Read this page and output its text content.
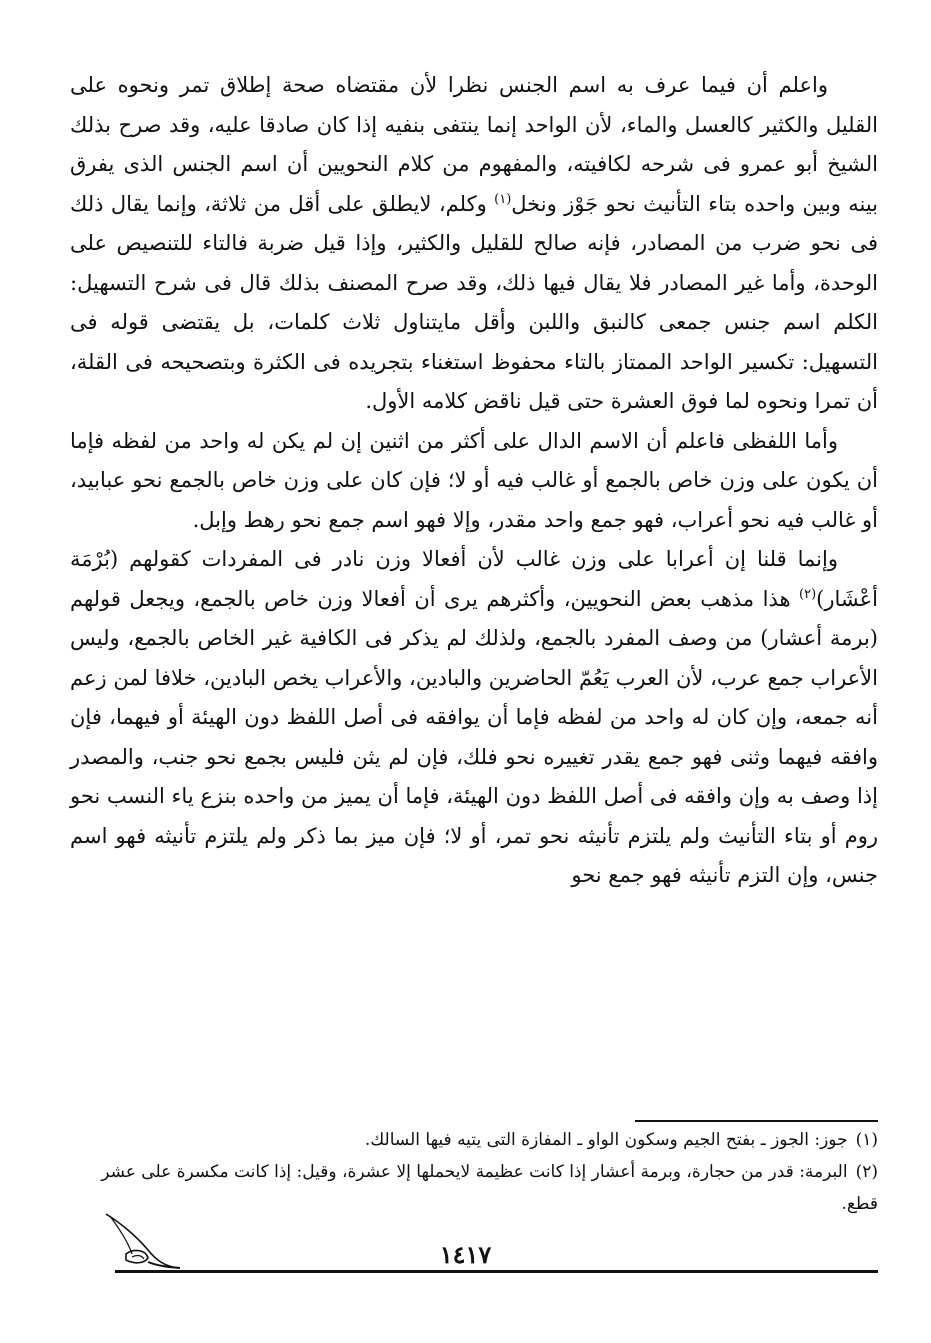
واعلم أن فيما عرف به اسم الجنس نظرا لأن مقتضاه صحة إطلاق تمر ونحوه على القليل والكثير كالعسل والماء، لأن الواحد إنما ينتفى بنفيه إذا كان صادقا عليه، وقد صرح بذلك الشيخ أبو عمرو فى شرحه لكافيته، والمفهوم من كلام النحويين أن اسم الجنس الذى يفرق بينه وبين واحده بتاء التأنيث نحو جَوْز ونخل$^{(١)}$ وكلم، لايطلق على أقل من ثلاثة، وإنما يقال ذلك فى نحو ضرب من المصادر، فإنه صالح للقليل والكثير، وإذا قيل ضربة فالتاء للتنصيص على الوحدة، وأما غير المصادر فلا يقال فيها ذلك، وقد صرح المصنف بذلك قال فى شرح التسهيل: الكلم اسم جنس جمعى كالنبق واللبن وأقل مايتناول ثلاث كلمات، بل يقتضى قوله فى التسهيل: تكسير الواحد الممتاز بالتاء محفوظ استغناء بتجريده فى الكثرة وبتصحيحه فى القلة، أن تمرا ونحوه لما فوق العشرة حتى قيل ناقض كلامه الأول.

وأما اللفظى فاعلم أن الاسم الدال على أكثر من اثنين إن لم يكن له واحد من لفظه فإما أن يكون على وزن خاص بالجمع أو غالب فيه أو لا؛ فإن كان على وزن خاص بالجمع نحو عبابيد، أو غالب فيه نحو أعراب، فهو جمع واحد مقدر، وإلا فهو اسم جمع نحو رهط وإبل.

وإنما قلنا إن أعرابا على وزن غالب لأن أفعالا وزن نادر فى المفردات كقولهم (بُرْمَة أعْشَار)$^{(٢)}$ هذا مذهب بعض النحويين، وأكثرهم يرى أن أفعالا وزن خاص بالجمع، ويجعل قولهم (برمة أعشار) من وصف المفرد بالجمع، ولذلك لم يذكر فى الكافية غير الخاص بالجمع، وليس الأعراب جمع عرب، لأن العرب يَعُمّ الحاضرين والبادين، والأعراب يخص البادين، خلافا لمن زعم أنه جمعه، وإن كان له واحد من لفظه فإما أن يوافقه فى أصل اللفظ دون الهيئة أو فيهما، فإن وافقه فيهما وثنى فهو جمع يقدر تغييره نحو فلك، فإن لم يثن فليس بجمع نحو جنب، والمصدر إذا وصف به وإن وافقه فى أصل اللفظ دون الهيئة، فإما أن يميز من واحده بنزع ياء النسب نحو روم أو بتاء التأنيث ولم يلتزم تأنيثه نحو تمر، أو لا؛ فإن ميز بما ذكر ولم يلتزم تأنيثه فهو اسم جنس، وإن التزم تأنيثه فهو جمع نحو

(١)جوز: الجوز ـ بفتح الجيم وسكون الواو ـ المفازة التى يتيه فيها السالك.

(٢)البرمة: قدر من حجارة، وبرمة أعشار إذا كانت عظيمة لايحملها إلا عشرة، وقيل: إذا كانت مكسرة على عشر قطع.

١٤١٧
